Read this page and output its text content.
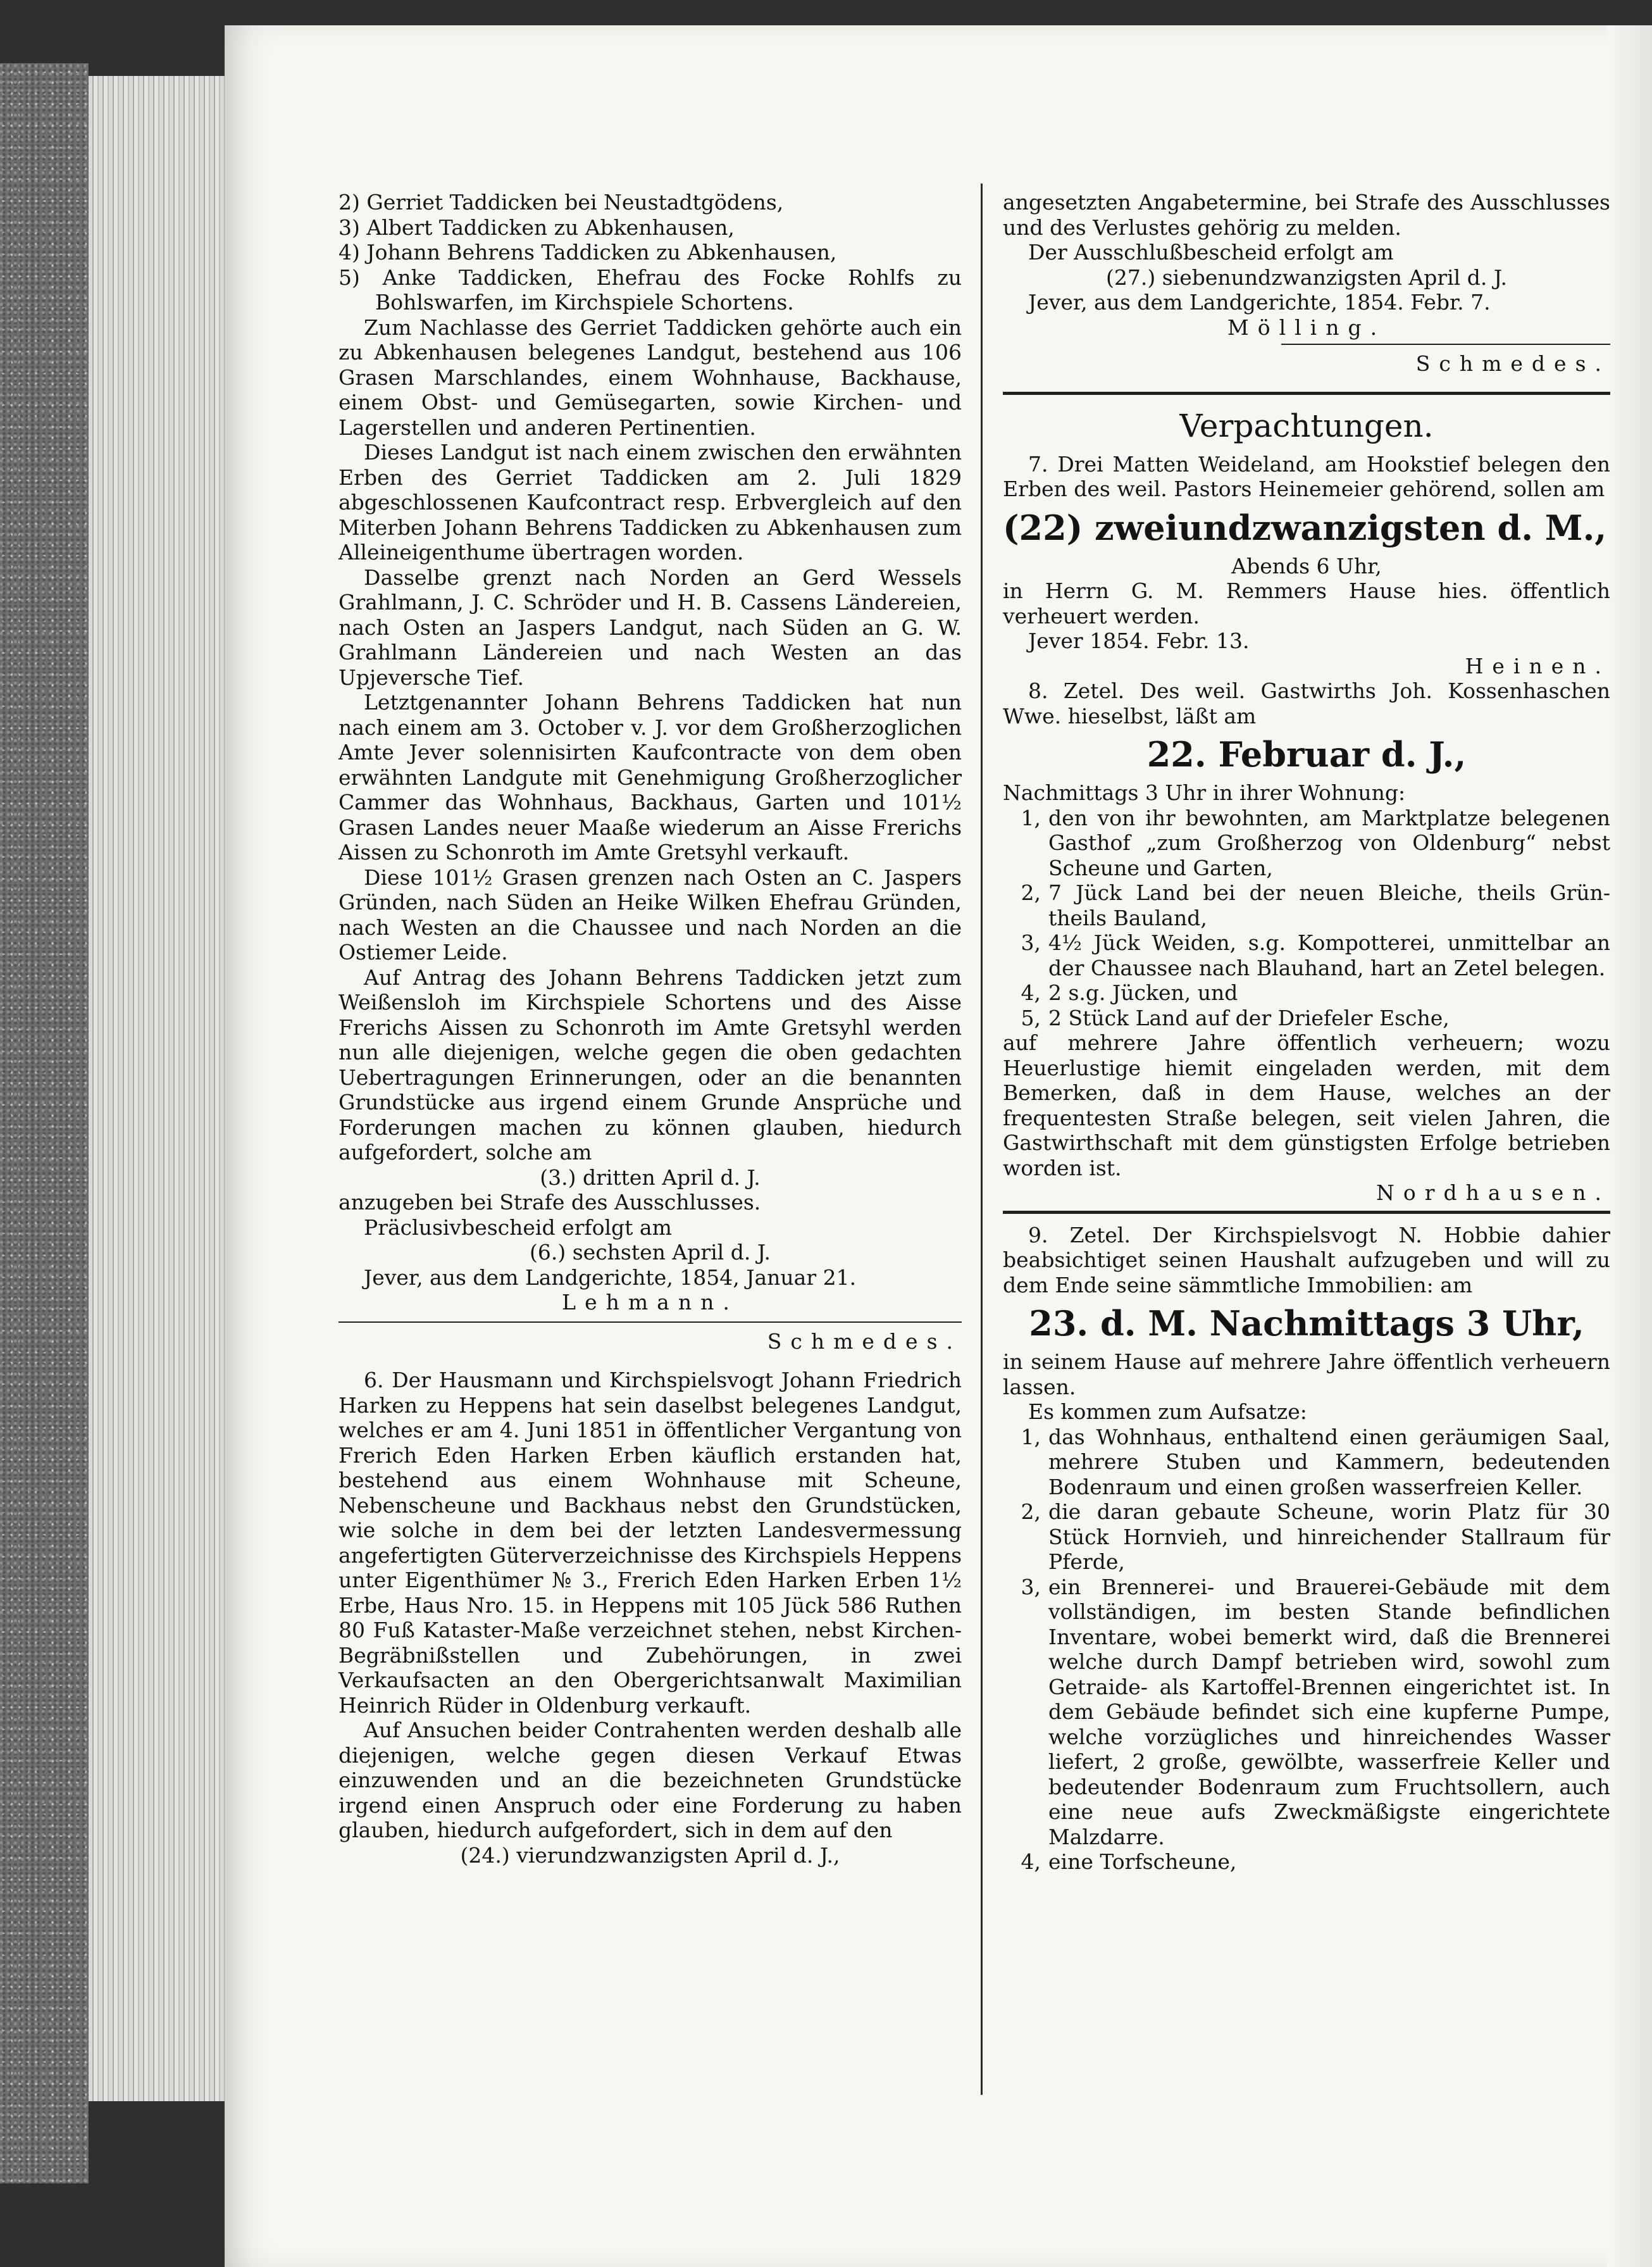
2) Gerriet Taddicken bei Neustadtgödens,

3) Albert Taddicken zu Abkenhausen,

4) Johann Behrens Taddicken zu Abkenhausen,

5) Anke Taddicken, Ehefrau des Focke Rohlfs zu Bohlswarfen, im Kirchspiele Schortens.

Zum Nachlasse des Gerriet Taddicken gehörte auch ein zu Abkenhausen belegenes Landgut, bestehend aus 106 Grasen Marschlandes, einem Wohnhause, Backhause, einem Obst- und Gemüsegarten, sowie Kirchen- und Lagerstellen und anderen Pertinentien.

Dieses Landgut ist nach einem zwischen den erwähnten Erben des Gerriet Taddicken am 2. Juli 1829 abgeschlossenen Kaufcontract resp. Erbvergleich auf den Miterben Johann Behrens Taddicken zu Abkenhausen zum Alleineigenthume übertragen worden.

Dasselbe grenzt nach Norden an Gerd Wessels Grahlmann, J. C. Schröder und H. B. Cassens Ländereien, nach Osten an Jaspers Landgut, nach Süden an G. W. Grahlmann Ländereien und nach Westen an das Upjeversche Tief.

Letztgenannter Johann Behrens Taddicken hat nun nach einem am 3. October v. J. vor dem Großherzoglichen Amte Jever solennisirten Kaufcontracte von dem oben erwähnten Landgute mit Genehmigung Großherzoglicher Cammer das Wohnhaus, Backhaus, Garten und 101½ Grasen Landes neuer Maaße wiederum an Aisse Frerichs Aissen zu Schonroth im Amte Gretsyhl verkauft.

Diese 101½ Grasen grenzen nach Osten an C. Jaspers Gründen, nach Süden an Heike Wilken Ehefrau Gründen, nach Westen an die Chaussee und nach Norden an die Ostiemer Leide.

Auf Antrag des Johann Behrens Taddicken jetzt zum Weißensloh im Kirchspiele Schortens und des Aisse Frerichs Aissen zu Schonroth im Amte Gretsyhl werden nun alle diejenigen, welche gegen die oben gedachten Uebertragungen Erinnerungen, oder an die benannten Grundstücke aus irgend einem Grunde Ansprüche und Forderungen machen zu können glauben, hiedurch aufgefordert, solche am

(3.) dritten April d. J.

anzugeben bei Strafe des Ausschlusses.

Präclusivbescheid erfolgt am

(6.) sechsten April d. J.

Jever, aus dem Landgerichte, 1854, Januar 21.

Lehmann.

Schmedes.

6. Der Hausmann und Kirchspielsvogt Johann Friedrich Harken zu Heppens hat sein daselbst belegenes Landgut, welches er am 4. Juni 1851 in öffentlicher Vergantung von Frerich Eden Harken Erben käuflich erstanden hat, bestehend aus einem Wohnhause mit Scheune, Nebenscheune und Backhaus nebst den Grundstücken, wie solche in dem bei der letzten Landesvermessung angefertigten Güterverzeichnisse des Kirchspiels Heppens unter Eigenthümer № 3., Frerich Eden Harken Erben 1½ Erbe, Haus Nro. 15. in Heppens mit 105 Jück 586 Ruthen 80 Fuß Kataster-Maße verzeichnet stehen, nebst Kirchen-Begräbnißstellen und Zubehörungen, in zwei Verkaufsacten an den Obergerichtsanwalt Maximilian Heinrich Rüder in Oldenburg verkauft.

Auf Ansuchen beider Contrahenten werden deshalb alle diejenigen, welche gegen diesen Verkauf Etwas einzuwenden und an die bezeichneten Grundstücke irgend einen Anspruch oder eine Forderung zu haben glauben, hiedurch aufgefordert, sich in dem auf den

(24.) vierundzwanzigsten April d. J.,

angesetzten Angabetermine, bei Strafe des Ausschlusses und des Verlustes gehörig zu melden.

Der Ausschlußbescheid erfolgt am

(27.) siebenundzwanzigsten April d. J.

Jever, aus dem Landgerichte, 1854. Febr. 7.

Mölling.

Schmedes.

Verpachtungen.

7. Drei Matten Weideland, am Hookstief belegen den Erben des weil. Pastors Heinemeier gehörend, sollen am

(22) zweiundzwanzigsten d. M.,

Abends 6 Uhr,

in Herrn G. M. Remmers Hause hies. öffentlich verheuert werden.

Jever 1854. Febr. 13.

Heinen.

8. Zetel. Des weil. Gastwirths Joh. Kossenhaschen Wwe. hieselbst, läßt am

22. Februar d. J.,

Nachmittags 3 Uhr in ihrer Wohnung:

1, den von ihr bewohnten, am Marktplatze belegenen Gasthof „zum Großherzog von Oldenburg“ nebst Scheune und Garten,
2, 7 Jück Land bei der neuen Bleiche, theils Grün- theils Bauland,
3, 4½ Jück Weiden, s.g. Kompotterei, unmittelbar an der Chaussee nach Blauhand, hart an Zetel belegen.
4, 2 s.g. Jücken, und
5, 2 Stück Land auf der Driefeler Esche,

auf mehrere Jahre öffentlich verheuern; wozu Heuerlustige hiemit eingeladen werden, mit dem Bemerken, daß in dem Hause, welches an der frequentesten Straße belegen, seit vielen Jahren, die Gastwirthschaft mit dem günstigsten Erfolge betrieben worden ist.

Nordhausen.

9. Zetel. Der Kirchspielsvogt N. Hobbie dahier beabsichtiget seinen Haushalt aufzugeben und will zu dem Ende seine sämmtliche Immobilien: am

23. d. M. Nachmittags 3 Uhr,

in seinem Hause auf mehrere Jahre öffentlich verheuern lassen.

Es kommen zum Aufsatze:

1, das Wohnhaus, enthaltend einen geräumigen Saal, mehrere Stuben und Kammern, bedeutenden Bodenraum und einen großen wasserfreien Keller.
2, die daran gebaute Scheune, worin Platz für 30 Stück Hornvieh, und hinreichender Stallraum für Pferde,
3, ein Brennerei- und Brauerei-Gebäude mit dem vollständigen, im besten Stande befindlichen Inventare, wobei bemerkt wird, daß die Brennerei welche durch Dampf betrieben wird, sowohl zum Getraide- als Kartoffel-Brennen eingerichtet ist. In dem Gebäude befindet sich eine kupferne Pumpe, welche vorzügliches und hinreichendes Wasser liefert, 2 große, gewölbte, wasserfreie Keller und bedeutender Bodenraum zum Fruchtsollern, auch eine neue aufs Zweckmäßigste eingerichtete Malzdarre.
4, eine Torfscheune,
